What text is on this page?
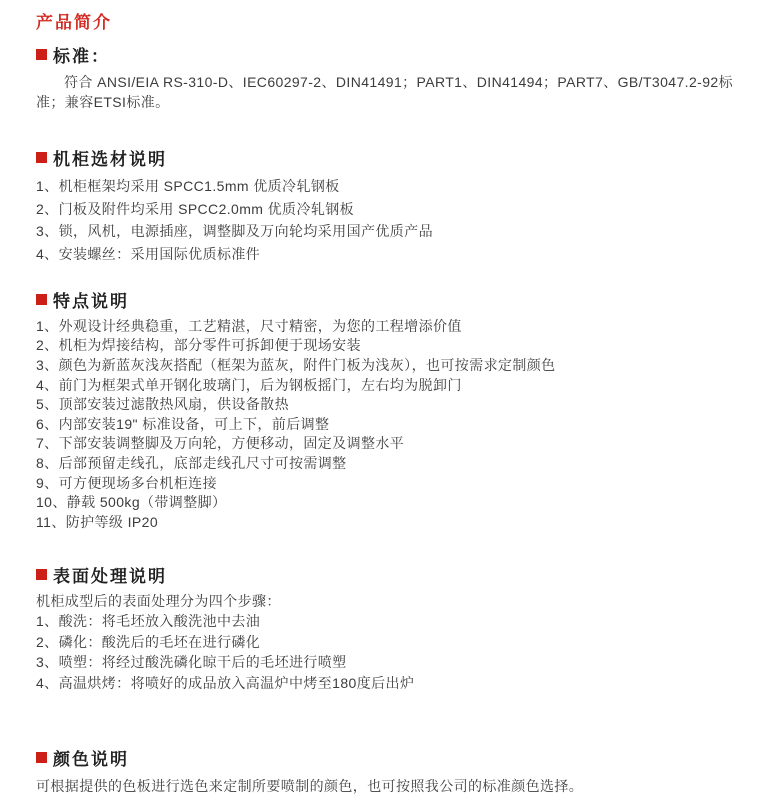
产品简介
标准：

符合 ANSI/EIA RS-310-D、IEC60297-2、DIN41491；PART1、DIN41494；PART7、GB/T3047.2-92标准；兼容ETSI标准。

机柜选材说明
1、机柜框架均采用 SPCC1.5mm 优质冷轧钢板
2、门板及附件均采用 SPCC2.0mm 优质冷轧钢板
3、锁，风机，电源插座，调整脚及万向轮均采用国产优质产品
4、安装螺丝：采用国际优质标准件
特点说明
1、外观设计经典稳重，工艺精湛，尺寸精密，为您的工程增添价值
2、机柜为焊接结构，部分零件可拆卸便于现场安装
3、颜色为新蓝灰浅灰搭配（框架为蓝灰，附件门板为浅灰），也可按需求定制颜色
4、前门为框架式单开钢化玻璃门，后为钢板摇门，左右均为脱卸门
5、顶部安装过滤散热风扇，供设备散热
6、内部安装19" 标准设备，可上下，前后调整
7、下部安装调整脚及万向轮，方便移动，固定及调整水平
8、后部预留走线孔，底部走线孔尺寸可按需调整
9、可方便现场多台机柜连接
10、静载 500kg（带调整脚）
11、防护等级 IP20
表面处理说明

机柜成型后的表面处理分为四个步骤：

1、酸洗：将毛坯放入酸洗池中去油
2、磷化：酸洗后的毛坯在进行磷化
3、喷塑：将经过酸洗磷化晾干后的毛坯进行喷塑
4、高温烘烤：将喷好的成品放入高温炉中烤至180度后出炉
颜色说明

可根据提供的色板进行选色来定制所要喷制的颜色，也可按照我公司的标准颜色选择。
